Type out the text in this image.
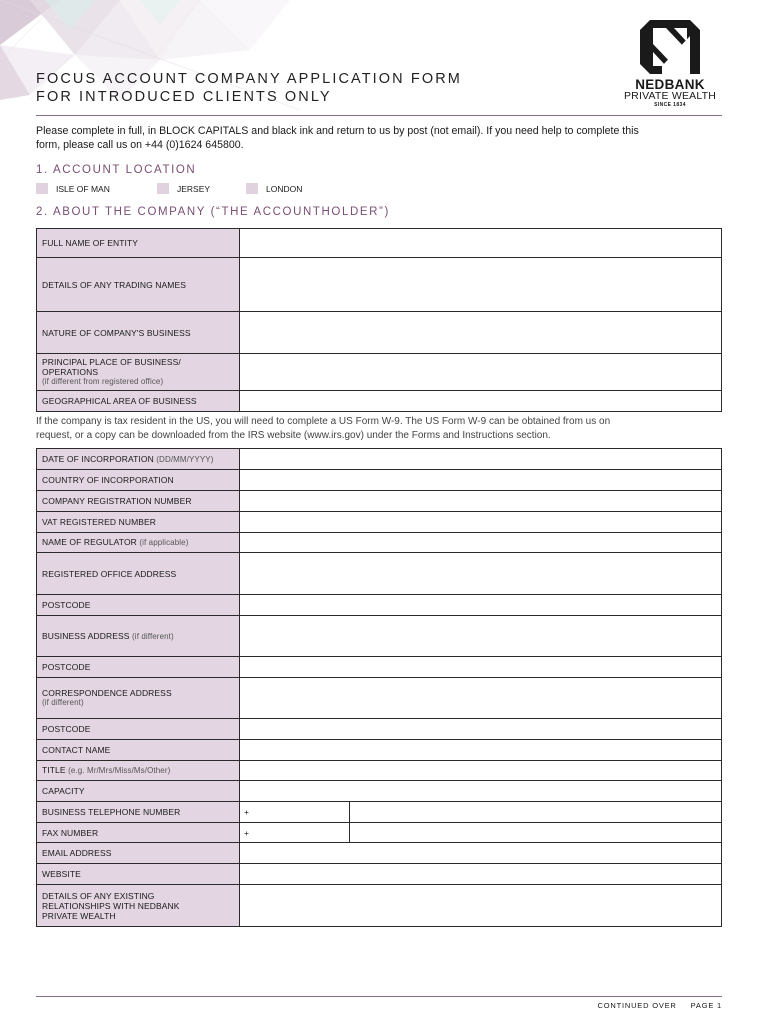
FOCUS ACCOUNT COMPANY APPLICATION FORM
FOR INTRODUCED CLIENTS ONLY
NEDBANK
PRIVATE WEALTH
SINCE 1834
Please complete in full, in BLOCK CAPITALS and black ink and return to us by post (not email). If you need help to complete this
form, please call us on +44 (0)1624 645800.
1. ACCOUNT LOCATION
ISLE OF MAN	JERSEY	LONDON
2. ABOUT THE COMPANY (“THE ACCOUNTHOLDER”)
FULL NAME OF ENTITY	
DETAILS OF ANY TRADING NAMES	
NATURE OF COMPANY'S BUSINESS	

PRINCIPAL PLACE OF BUSINESS/
OPERATIONS
(if different from registered office)	

GEOGRAPHICAL AREA OF BUSINESS	
If the company is tax resident in the US, you will need to complete a US Form W-9. The US Form W-9 can be obtained from us on
request, or a copy can be downloaded from the IRS website (www.irs.gov) under the Forms and Instructions section.
DATE OF INCORPORATION (DD/MM/YYYY)		
COUNTRY OF INCORPORATION		
COMPANY REGISTRATION NUMBER		
VAT REGISTERED NUMBER		
NAME OF REGULATOR (if applicable)		
REGISTERED OFFICE ADDRESS		
POSTCODE		
BUSINESS ADDRESS (if different)		
POSTCODE		

CORRESPONDENCE ADDRESS
(if different)		

POSTCODE		
CONTACT NAME		
TITLE (e.g. Mr/Mrs/Miss/Ms/Other)		
CAPACITY		
BUSINESS TELEPHONE NUMBER	+	
FAX NUMBER	+	
EMAIL ADDRESS		
WEBSITE		

DETAILS OF ANY EXISTING
RELATIONSHIPS WITH NEDBANK
PRIVATE WEALTH		

CONTINUED OVER PAGE 1
